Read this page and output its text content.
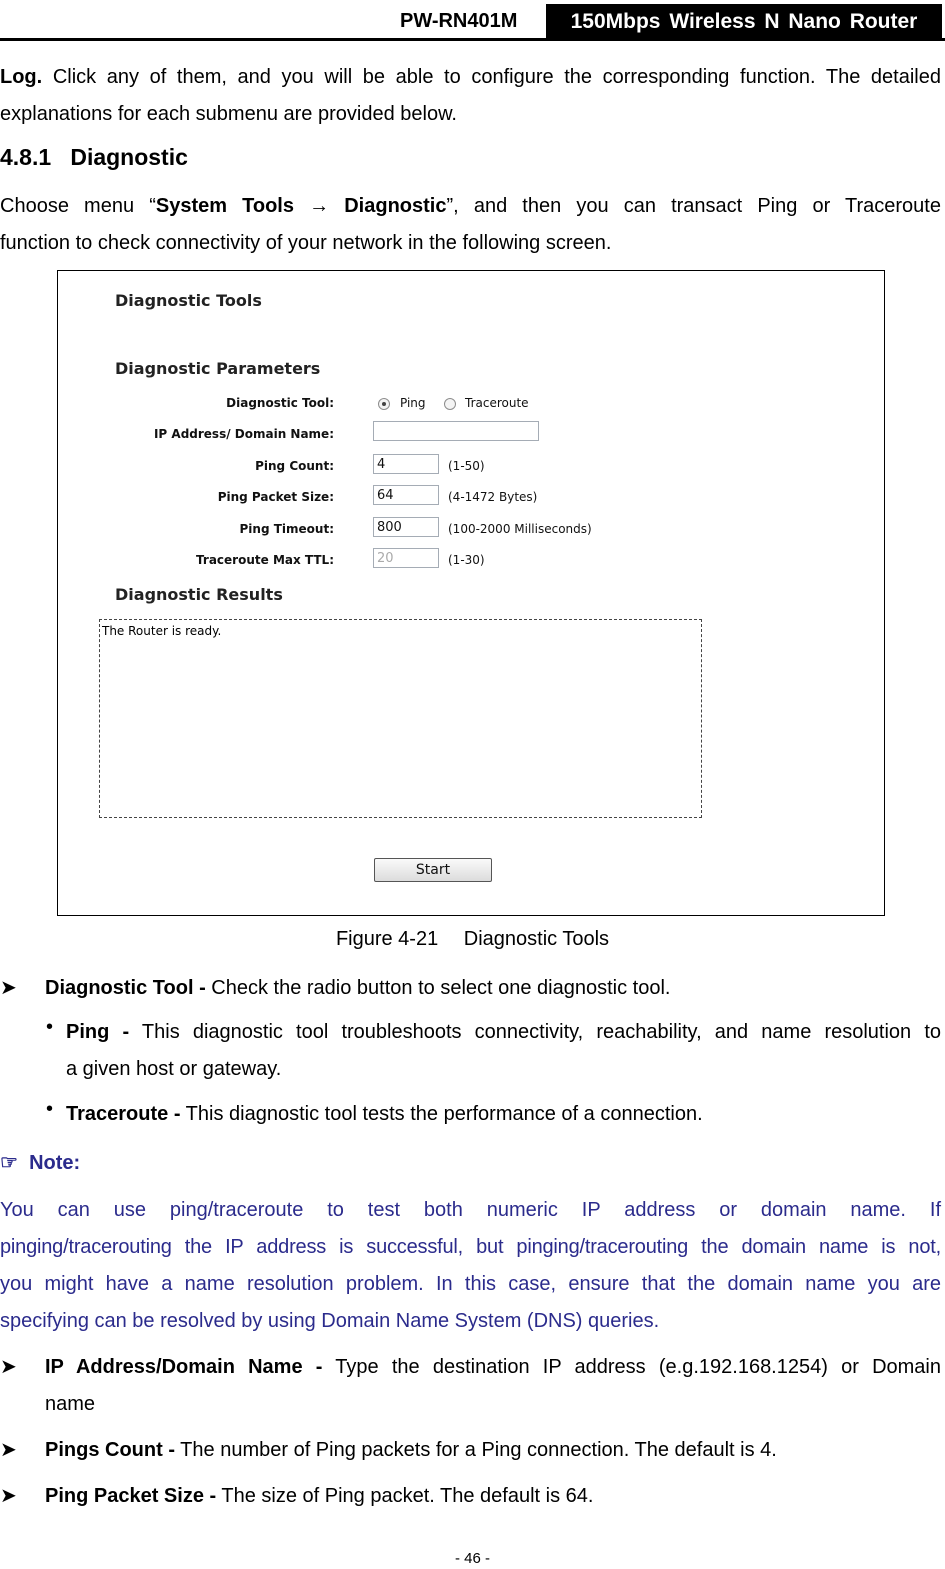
PW-RN401M	150Mbps Wireless N Nano Router
Log. Click any of them, and you will be able to configure the corresponding function. The detailed
explanations for each submenu are provided below.
4.8.1 Diagnostic
Choose menu “System Tools → Diagnostic”, and then you can transact Ping or Traceroute
function to check connectivity of your network in the following screen.
Diagnostic Tools
Diagnostic Parameters
Diagnostic Tool:	Ping	Traceroute
IP Address/ Domain Name:
Ping Count:	4	(1-50)
Ping Packet Size:	64	(4-1472 Bytes)
Ping Timeout:	800	(100-2000 Milliseconds)
Traceroute Max TTL:	20	(1-30)
Diagnostic Results
The Router is ready.
Start
Figure 4-21  Diagnostic Tools
➤ Diagnostic Tool - Check the radio button to select one diagnostic tool.
• Ping - This diagnostic tool troubleshoots connectivity, reachability, and name resolution to
a given host or gateway.
• Traceroute - This diagnostic tool tests the performance of a connection.
☞ Note:
You can use ping/traceroute to test both numeric IP address or domain name. If
pinging/tracerouting the IP address is successful, but pinging/tracerouting the domain name is not,
you might have a name resolution problem. In this case, ensure that the domain name you are
specifying can be resolved by using Domain Name System (DNS) queries.
➤ IP Address/Domain Name - Type the destination IP address (e.g.192.168.1254) or Domain
name
➤ Pings Count - The number of Ping packets for a Ping connection. The default is 4.
➤ Ping Packet Size - The size of Ping packet. The default is 64.
- 46 -
